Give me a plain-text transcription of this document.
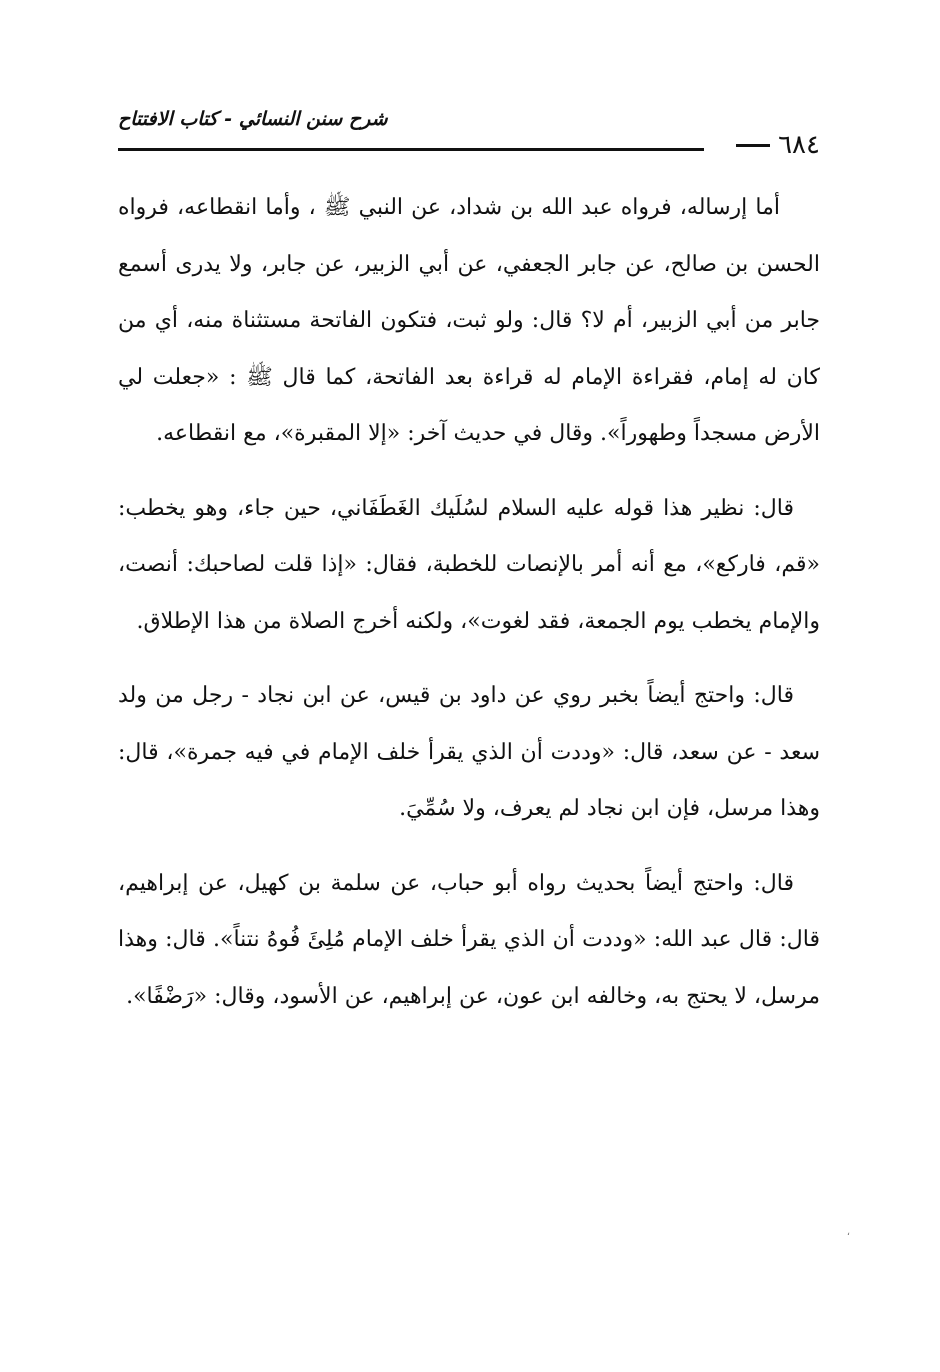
شرح سنن النسائي - كتاب الافتتاح
٦٨٤

أما إرساله، فرواه عبد الله بن شداد، عن النبي ﷺ ، وأما انقطاعه، فرواه الحسن بن صالح، عن جابر الجعفي، عن أبي الزبير، عن جابر، ولا يدرى أسمع جابر من أبي الزبير، أم لا؟ قال: ولو ثبت، فتكون الفاتحة مستثناة منه، أي من كان له إمام، فقراءة الإمام له قراءة بعد الفاتحة، كما قال ﷺ : «جعلت لي الأرض مسجداً وطهوراً». وقال في حديث آخر: «إلا المقبرة»، مع انقطاعه.

قال: نظير هذا قوله عليه السلام لسُلَيك الغَطَفَاني، حين جاء، وهو يخطب: «قم، فاركع»، مع أنه أمر بالإنصات للخطبة، فقال: «إذا قلت لصاحبك: أنصت، والإمام يخطب يوم الجمعة، فقد لغوت»، ولكنه أخرج الصلاة من هذا الإطلاق.

قال: واحتج أيضاً بخبر روي عن داود بن قيس، عن ابن نجاد - رجل من ولد سعد - عن سعد، قال: «وددت أن الذي يقرأ خلف الإمام في فيه جمرة»، قال: وهذا مرسل، فإن ابن نجاد لم يعرف، ولا سُمِّيَ.

قال: واحتج أيضاً بحديث رواه أبو حباب، عن سلمة بن كهيل، عن إبراهيم، قال: قال عبد الله: «وددت أن الذي يقرأ خلف الإمام مُلِئَ فُوهُ نتناً». قال: وهذا مرسل، لا يحتج به، وخالفه ابن عون، عن إبراهيم، عن الأسود، وقال: «رَضْفًا».

ʻ
